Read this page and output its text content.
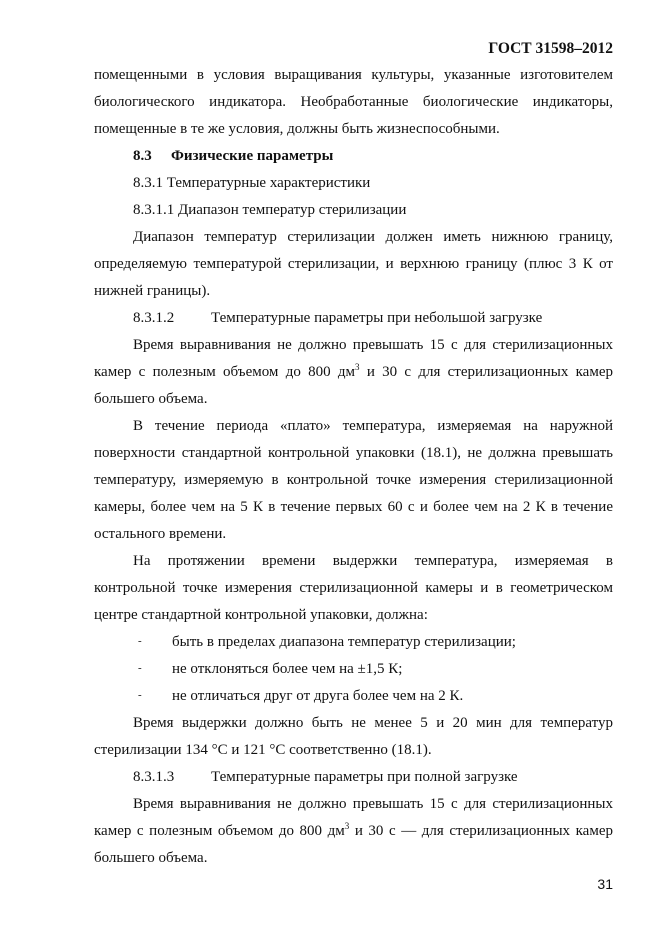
ГОСТ 31598–2012

помещенными в условия выращивания культуры, указанные изготовителем биологического индикатора. Необработанные биологические индикаторы, помещенные в те же условия, должны быть жизнеспособными.

8.3 Физические параметры

8.3.1 Температурные характеристики

8.3.1.1 Диапазон температур стерилизации

Диапазон температур стерилизации должен иметь нижнюю границу, определяемую температурой стерилизации, и верхнюю границу (плюс 3 К от нижней границы).

8.3.1.2 Температурные параметры при небольшой загрузке

Время выравнивания не должно превышать 15 с для стерилизационных камер с полезным объемом до 800 $дм^3$ и 30 с для стерилизационных камер большего объема.

В течение периода «плато» температура, измеряемая на наружной поверхности стандартной контрольной упаковки (18.1), не должна превышать температуру, измеряемую в контрольной точке измерения стерилизационной камеры, более чем на 5 К в течение первых 60 с и более чем на 2 К в течение остального времени.

На протяжении времени выдержки температура, измеряемая в контрольной точке измерения стерилизационной камеры и в геометрическом центре стандартной контрольной упаковки, должна:

- быть в пределах диапазона температур стерилизации;

- не отклоняться более чем на ±1,5 К;

- не отличаться друг от друга более чем на 2 К.

Время выдержки должно быть не менее 5 и 20 мин для температур стерилизации 134 °С и 121 °С соответственно (18.1).

8.3.1.3 Температурные параметры при полной загрузке

Время выравнивания не должно превышать 15 с для стерилизационных камер с полезным объемом до 800 $дм^3$ и 30 с — для стерилизационных камер большего объема.

31
